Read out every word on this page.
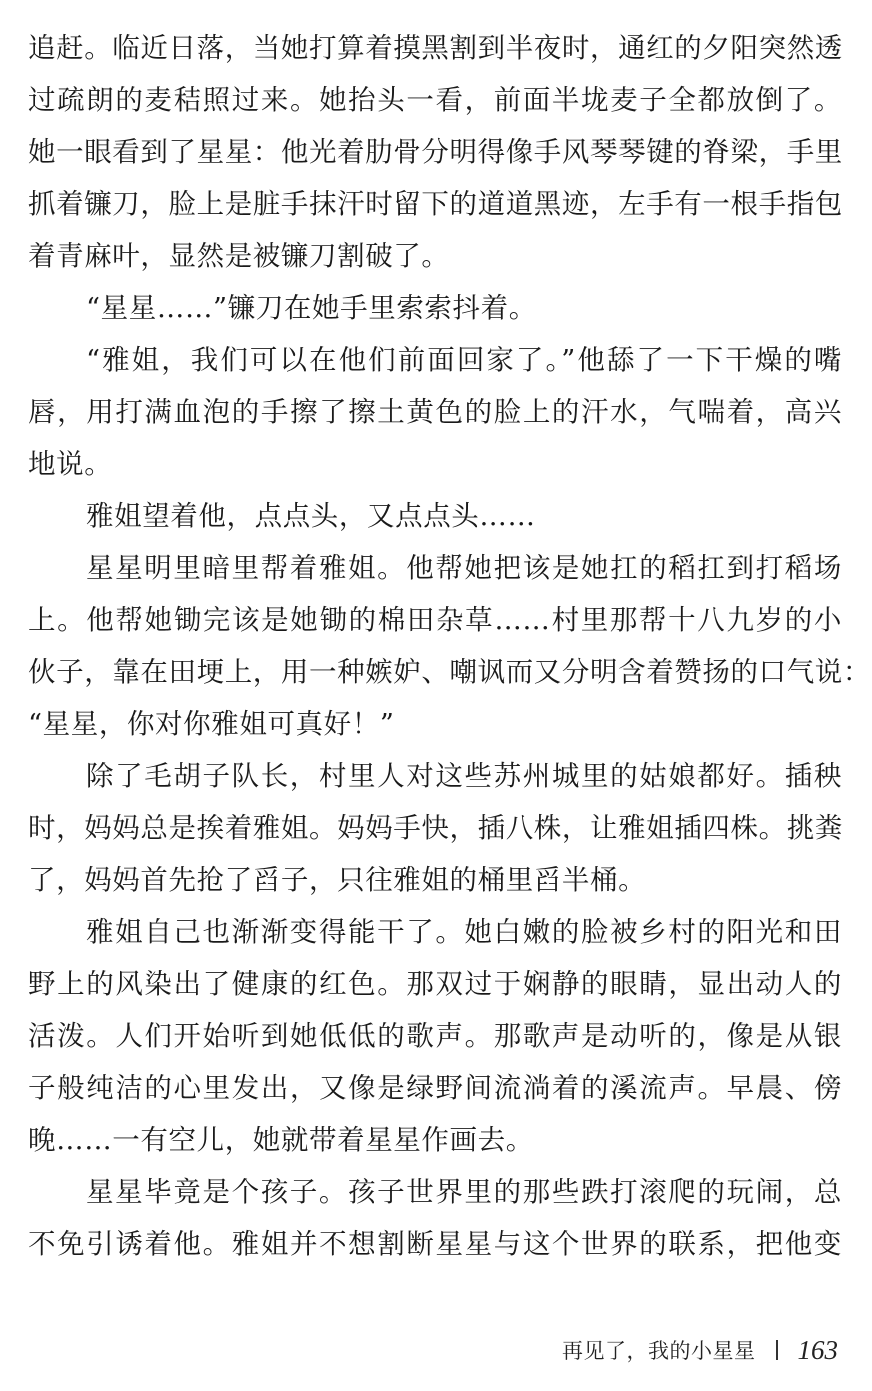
追赶。临近日落，当她打算着摸黑割到半夜时，通红的夕阳突然透
过疏朗的麦秸照过来。她抬头一看，前面半垅麦子全都放倒了。
她一眼看到了星星：他光着肋骨分明得像手风琴琴键的脊梁，手里
抓着镰刀，脸上是脏手抹汗时留下的道道黑迹，左手有一根手指包
着青麻叶，显然是被镰刀割破了。
“星星……”镰刀在她手里索索抖着。
“雅姐，我们可以在他们前面回家了。”他舔了一下干燥的嘴
唇，用打满血泡的手擦了擦土黄色的脸上的汗水，气喘着，高兴
地说。
雅姐望着他，点点头，又点点头……
星星明里暗里帮着雅姐。他帮她把该是她扛的稻扛到打稻场
上。他帮她锄完该是她锄的棉田杂草……村里那帮十八九岁的小
伙子，靠在田埂上，用一种嫉妒、嘲讽而又分明含着赞扬的口气说：
“星星，你对你雅姐可真好！”
除了毛胡子队长，村里人对这些苏州城里的姑娘都好。插秧
时，妈妈总是挨着雅姐。妈妈手快，插八株，让雅姐插四株。挑粪
了，妈妈首先抢了舀子，只往雅姐的桶里舀半桶。
雅姐自己也渐渐变得能干了。她白嫩的脸被乡村的阳光和田
野上的风染出了健康的红色。那双过于娴静的眼睛，显出动人的
活泼。人们开始听到她低低的歌声。那歌声是动听的，像是从银
子般纯洁的心里发出，又像是绿野间流淌着的溪流声。早晨、傍
晚……一有空儿，她就带着星星作画去。
星星毕竟是个孩子。孩子世界里的那些跌打滚爬的玩闹，总
不免引诱着他。雅姐并不想割断星星与这个世界的联系，把他变
再见了，我的小星星 163
